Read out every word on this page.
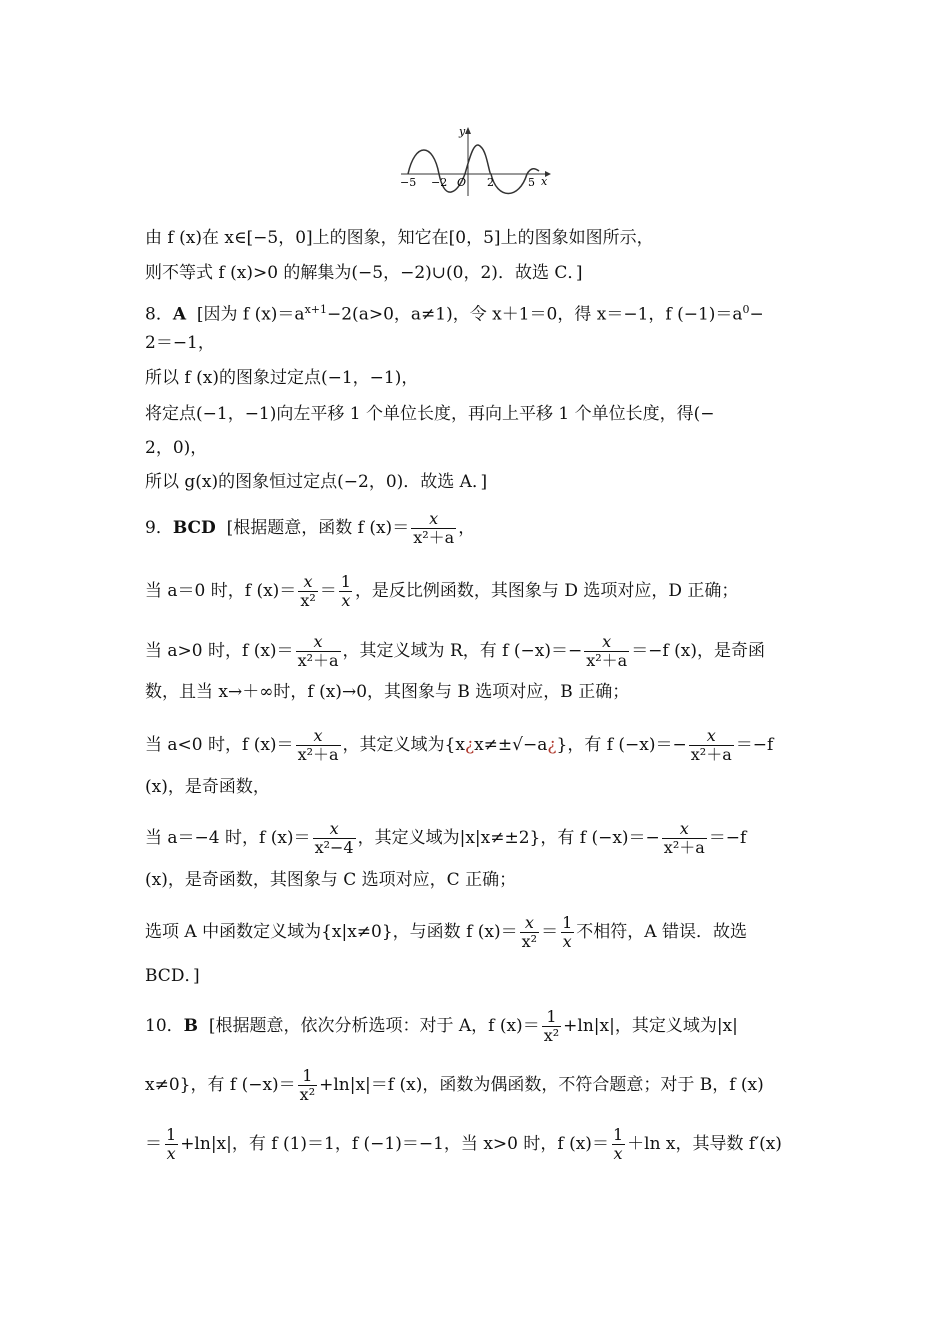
y
x
−5 −2 O 2	5
由 f (x)在 x∈[−5，0]上的图象，知它在[0，5]上的图象如图所示，
则不等式 f (x)>0 的解集为(−5，−2)∪(0，2)．故选 C．]
8．A [因为 f $(x)=a^{x+1}-2(a>0$，a≠1)，令 x＋1＝0，得 x＝−1，f $(-1)=a^0-$
2＝−1，
所以 f (x)的图象过定点(−1，−1)，
将定点(−1，−1)向左平移 1 个单位长度，再向上平移 1 个单位长度，得(−
2，0)，
所以 g(x)的图象恒过定点(−2，0)．故选 A．]
9．BCD [根据题意，函数 f $(x)= \frac{x}{\text{x²＋a}}$ ，
当 a＝0 时，f $(x)= \frac{x}{\text{x²}} = \frac{1}{x}$ ，是反比例函数，其图象与 D 选项对应，D 正确；
当 a>0 时，f $(x)= \frac{x}{\text{x²＋a}}$ ，其定义域为 R，有 f $(-x)=- \frac{x}{\text{x²＋a}} =-f$ (x)，是奇函
数，且当 x→＋∞时，f (x)→0，其图象与 B 选项对应，B 正确；
当 a<0 时，f $(x)= \frac{x}{\text{x²＋a}}$ ，其定义域为{x¿x≠±√−a¿}，有 f $(-x)=- \frac{x}{\text{x²＋a}} =-f$
(x)，是奇函数，
当 a＝−4 时，f $(x)= \frac{x}{\text{x²−4}}$ ，其定义域为|x|x≠±2}，有 f $(-x)=- \frac{x}{\text{x²＋a}} =-f$
(x)，是奇函数，其图象与 C 选项对应，C 正确；
选项 A 中函数定义域为{x|x≠0}，与函数 f $(x)= \frac{x}{\text{x²}} = \frac{1}{x}$ 不相符，A 错误．故选
BCD．]
10．B [根据题意，依次分析选项：对于 A，f $(x)= \frac{1}{\text{x²}} +\ln|x|$，其定义域为|x|
x≠0}，有 f $(-x)= \frac{1}{\text{x²}} +\ln|x|=f$ (x)，函数为偶函数，不符合题意；对于 B，f (x)
＝ $\frac{1}{x} +\ln|x|$，有 f (1)＝1，f (−1)＝−1，当 x>0 时，f $(x)= \frac{1}{x} +\ln$ x，其导数 f′(x)
